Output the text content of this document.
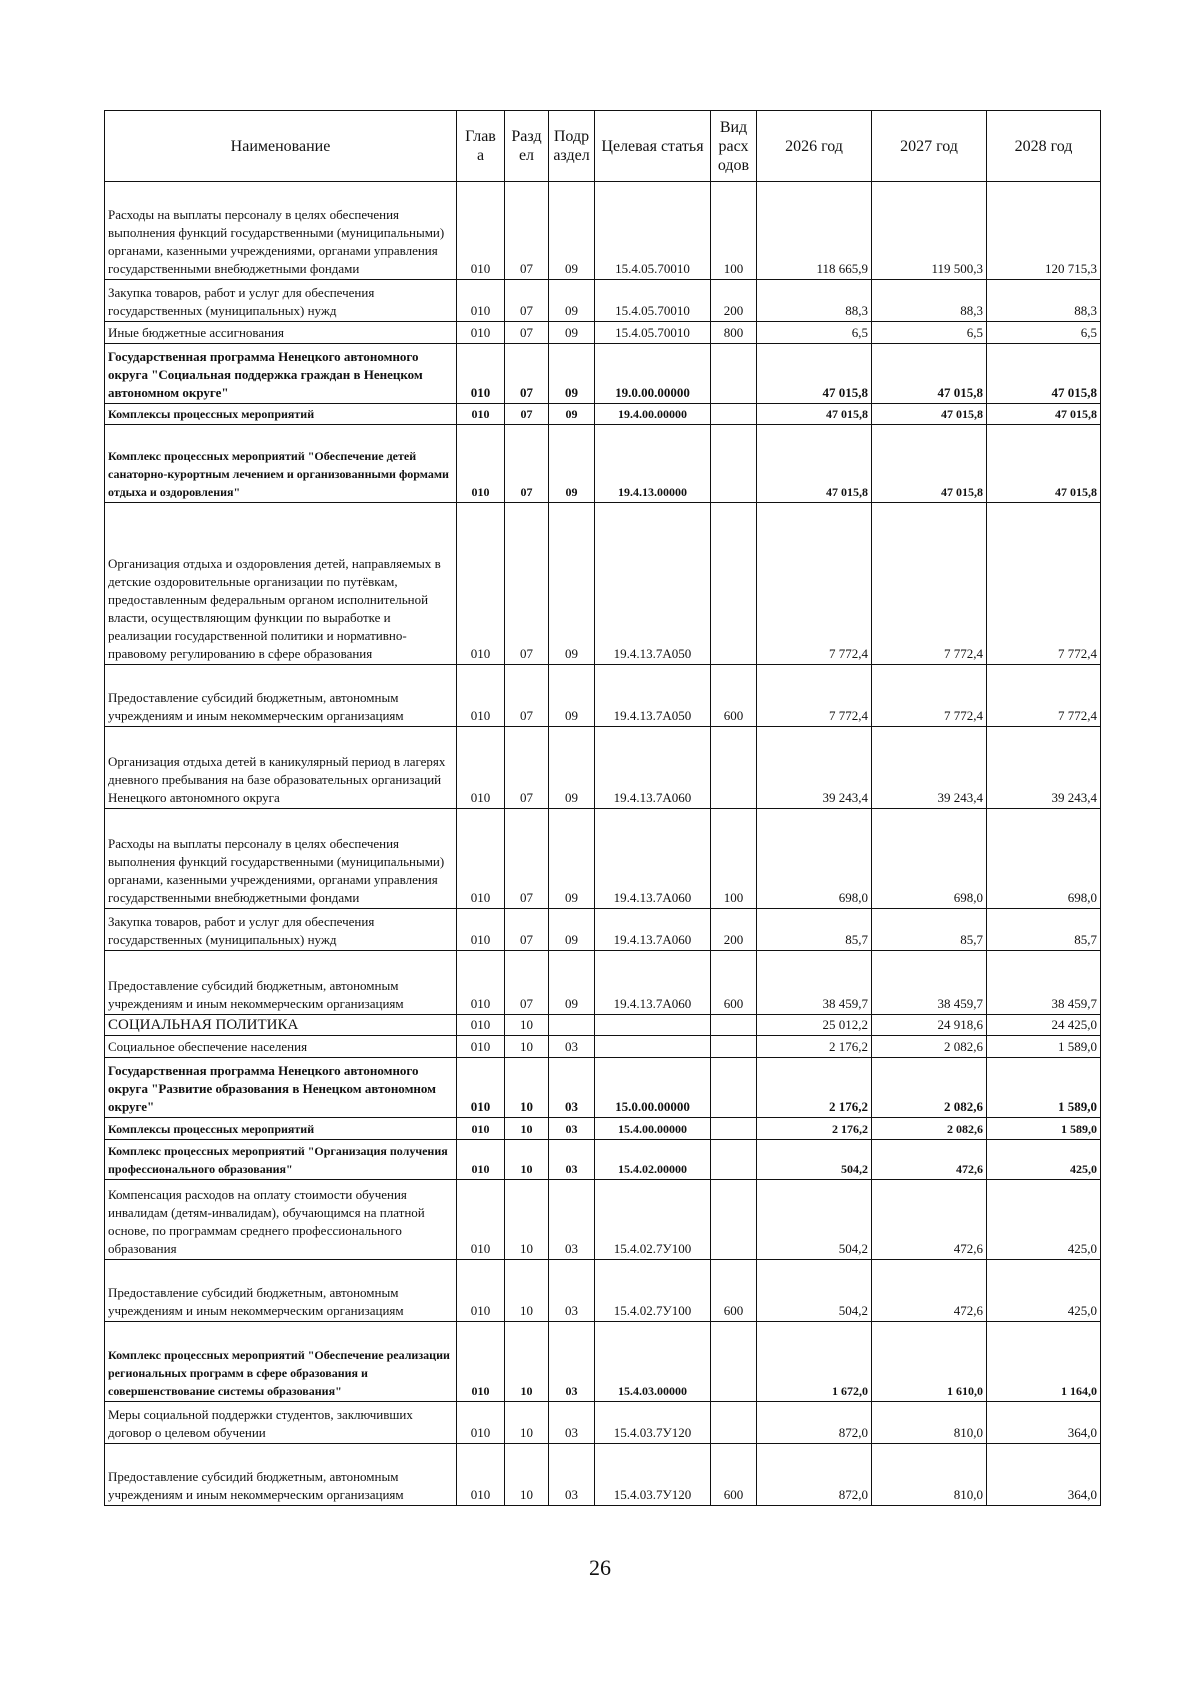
Наименование	Глав а	Разд ел	Подр аздел	Целевая статья	Вид расх одов	2026 год	2027 год	2028 год
Расходы на выплаты персоналу в целях обеспечения выполнения функций государственными (муниципальными) органами, казенными учреждениями, органами управления государственными внебюджетными фондами	010	07	09	15.4.05.70010	100	118 665,9	119 500,3	120 715,3
Закупка товаров, работ и услуг для обеспечения государственных (муниципальных) нужд	010	07	09	15.4.05.70010	200	88,3	88,3	88,3
Иные бюджетные ассигнования	010	07	09	15.4.05.70010	800	6,5	6,5	6,5
Государственная программа Ненецкого автономного округа "Социальная поддержка граждан в Ненецком автономном округе"	010	07	09	19.0.00.00000		47 015,8	47 015,8	47 015,8
Комплексы процессных мероприятий	010	07	09	19.4.00.00000		47 015,8	47 015,8	47 015,8
Комплекс процессных мероприятий "Обеспечение детей санаторно-курортным лечением и организованными формами отдыха и оздоровления"	010	07	09	19.4.13.00000		47 015,8	47 015,8	47 015,8
Организация отдыха и оздоровления детей, направляемых в детские оздоровительные организации по путёвкам, предоставленным федеральным органом исполнительной власти, осуществляющим функции по выработке и реализации государственной политики и нормативно-правовому регулированию в сфере образования	010	07	09	19.4.13.7А050		7 772,4	7 772,4	7 772,4
Предоставление субсидий бюджетным, автономным учреждениям и иным некоммерческим организациям	010	07	09	19.4.13.7А050	600	7 772,4	7 772,4	7 772,4
Организация отдыха детей в каникулярный период в лагерях дневного пребывания на базе образовательных организаций Ненецкого автономного округа	010	07	09	19.4.13.7А060		39 243,4	39 243,4	39 243,4
Расходы на выплаты персоналу в целях обеспечения выполнения функций государственными (муниципальными) органами, казенными учреждениями, органами управления государственными внебюджетными фондами	010	07	09	19.4.13.7А060	100	698,0	698,0	698,0
Закупка товаров, работ и услуг для обеспечения государственных (муниципальных) нужд	010	07	09	19.4.13.7А060	200	85,7	85,7	85,7
Предоставление субсидий бюджетным, автономным учреждениям и иным некоммерческим организациям	010	07	09	19.4.13.7А060	600	38 459,7	38 459,7	38 459,7
СОЦИАЛЬНАЯ ПОЛИТИКА	010	10				25 012,2	24 918,6	24 425,0
Социальное обеспечение населения	010	10	03			2 176,2	2 082,6	1 589,0
Государственная программа Ненецкого автономного округа "Развитие образования в Ненецком автономном округе"	010	10	03	15.0.00.00000		2 176,2	2 082,6	1 589,0
Комплексы процессных мероприятий	010	10	03	15.4.00.00000		2 176,2	2 082,6	1 589,0
Комплекс процессных мероприятий "Организация получения профессионального образования"	010	10	03	15.4.02.00000		504,2	472,6	425,0
Компенсация расходов на оплату стоимости обучения инвалидам (детям-инвалидам), обучающимся на платной основе, по программам среднего профессионального образования	010	10	03	15.4.02.7У100		504,2	472,6	425,0
Предоставление субсидий бюджетным, автономным учреждениям и иным некоммерческим организациям	010	10	03	15.4.02.7У100	600	504,2	472,6	425,0
Комплекс процессных мероприятий "Обеспечение реализации региональных программ в сфере образования и совершенствование системы образования"	010	10	03	15.4.03.00000		1 672,0	1 610,0	1 164,0
Меры социальной поддержки студентов, заключивших договор о целевом обучении	010	10	03	15.4.03.7У120		872,0	810,0	364,0
Предоставление субсидий бюджетным, автономным учреждениям и иным некоммерческим организациям	010	10	03	15.4.03.7У120	600	872,0	810,0	364,0
26
